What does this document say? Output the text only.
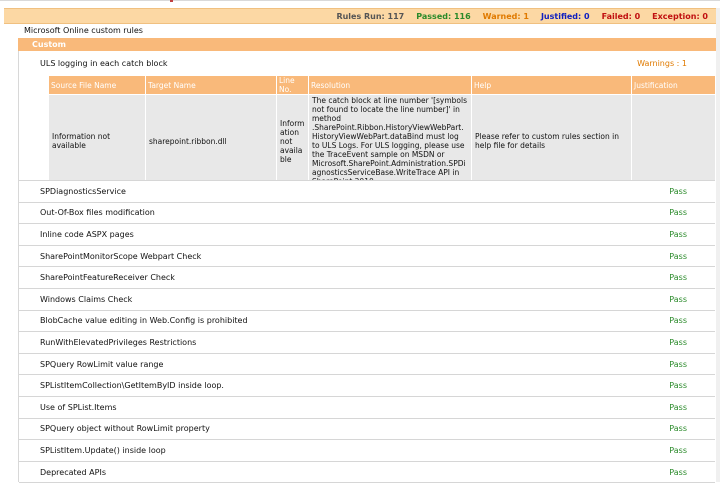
Rules Run: 117 Passed: 116 Warned: 1 Justified: 0 Failed: 0 Exception: 0
Microsoft Online custom rules
Custom
ULS logging in each catch block	Warnings : 1
Source File Name	Target Name	Line No.	Resolution	Help	Justification
Information not available	sharepoint.ribbon.dll	Information not available	The catch block at line number '[symbols not found to locate the line number]' in method .SharePoint.Ribbon.HistoryViewWebPart.HistoryViewWebPart.dataBind must log to ULS Logs. For ULS logging, please use the TraceEvent sample on MSDN or Microsoft.SharePoint.Administration.SPDiagnosticsServiceBase.WriteTrace API in	Please refer to custom rules section in help file for details	
SPDiagnosticsService	Pass
Out-Of-Box files modification	Pass
Inline code ASPX pages	Pass
SharePointMonitorScope Webpart Check	Pass
SharePointFeatureReceiver Check	Pass
Windows Claims Check	Pass
BlobCache value editing in Web.Config is prohibited	Pass
RunWithElevatedPrivileges Restrictions	Pass
SPQuery RowLimit value range	Pass
SPListItemCollection\GetItemByID inside loop.	Pass
Use of SPList.Items	Pass
SPQuery object without RowLimit property	Pass
SPListItem.Update() inside loop	Pass
Deprecated APIs	Pass
